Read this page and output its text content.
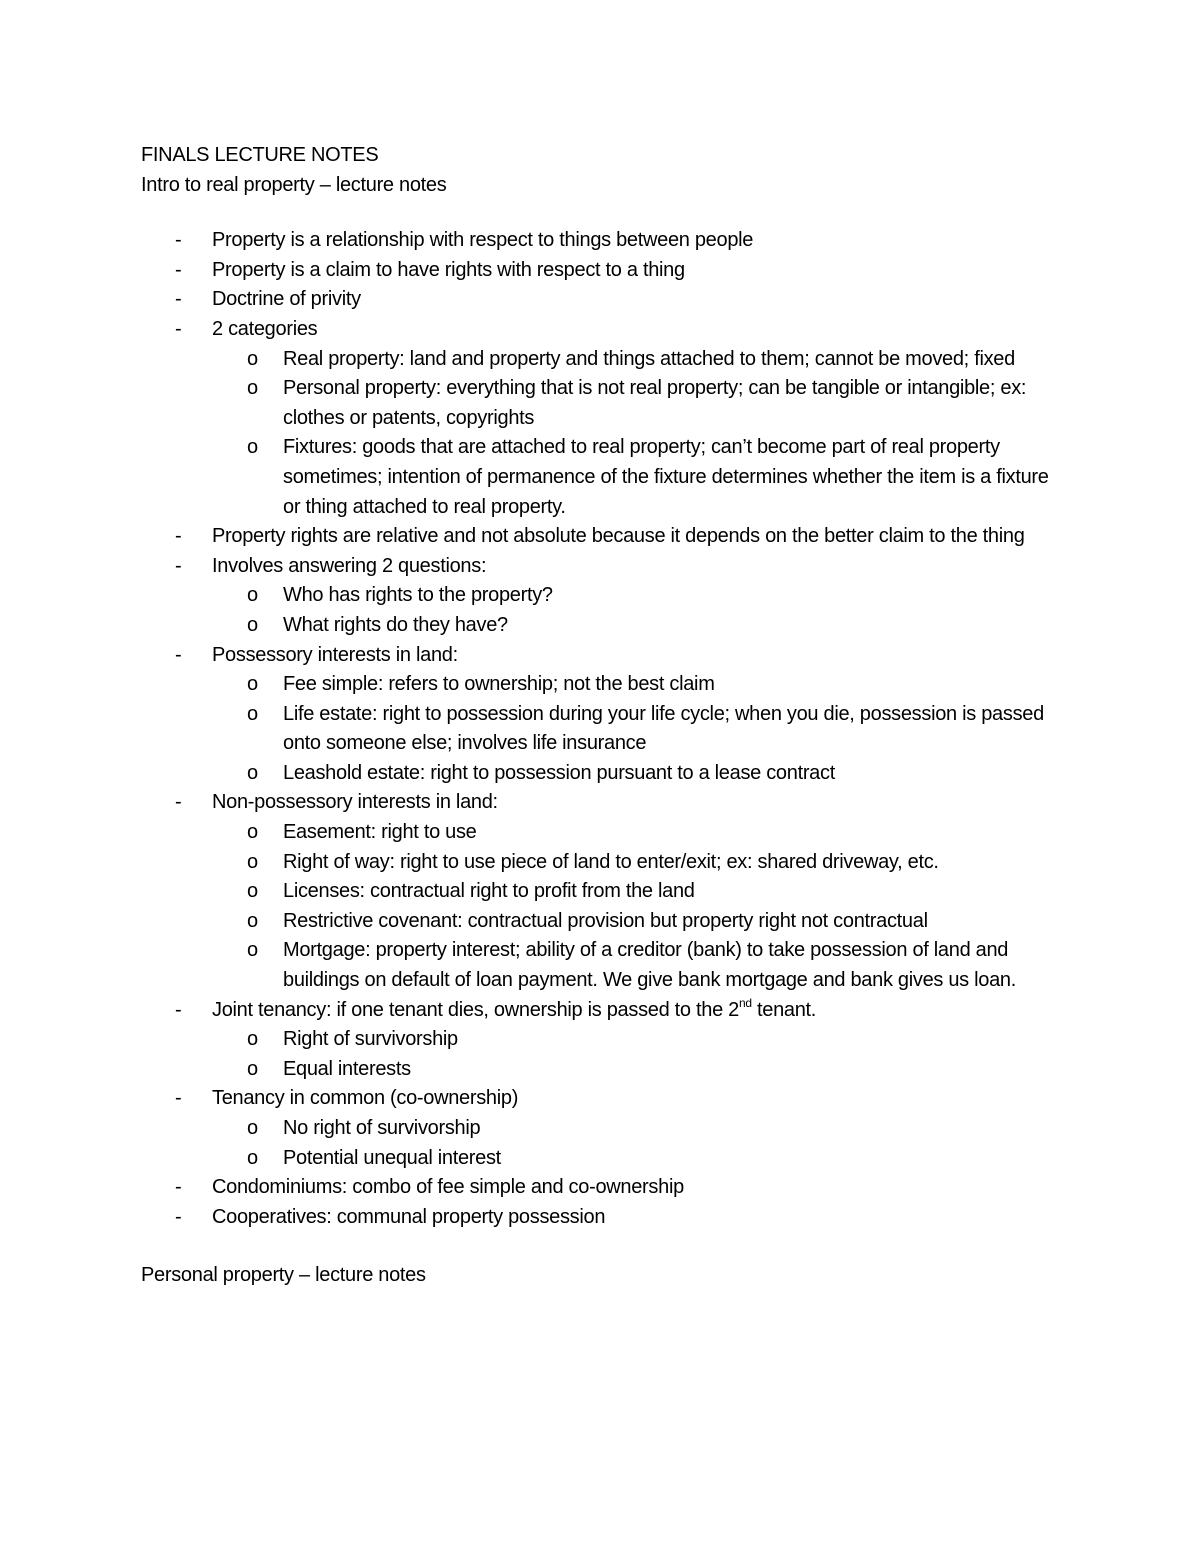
FINALS LECTURE NOTES

Intro to real property – lecture notes

- Property is a relationship with respect to things between people
- Property is a claim to have rights with respect to a thing
- Doctrine of privity
- 2 categories
o Real property: land and property and things attached to them; cannot be moved; fixed
o Personal property: everything that is not real property; can be tangible or intangible; ex: clothes or patents, copyrights
o Fixtures: goods that are attached to real property; can’t become part of real property sometimes; intention of permanence of the fixture determines whether the item is a fixture or thing attached to real property.
- Property rights are relative and not absolute because it depends on the better claim to the thing
- Involves answering 2 questions:
o Who has rights to the property?
o What rights do they have?
- Possessory interests in land:
o Fee simple: refers to ownership; not the best claim
o Life estate: right to possession during your life cycle; when you die, possession is passed onto someone else; involves life insurance
o Leashold estate: right to possession pursuant to a lease contract
- Non-possessory interests in land:
o Easement: right to use
o Right of way: right to use piece of land to enter/exit; ex: shared driveway, etc.
o Licenses: contractual right to profit from the land
o Restrictive covenant: contractual provision but property right not contractual
o Mortgage: property interest; ability of a creditor (bank) to take possession of land and buildings on default of loan payment. We give bank mortgage and bank gives us loan.
- Joint tenancy: if one tenant dies, ownership is passed to the 2nd tenant.
o Right of survivorship
o Equal interests
- Tenancy in common (co-ownership)
o No right of survivorship
o Potential unequal interest
- Condominiums: combo of fee simple and co-ownership
- Cooperatives: communal property possession

Personal property – lecture notes
